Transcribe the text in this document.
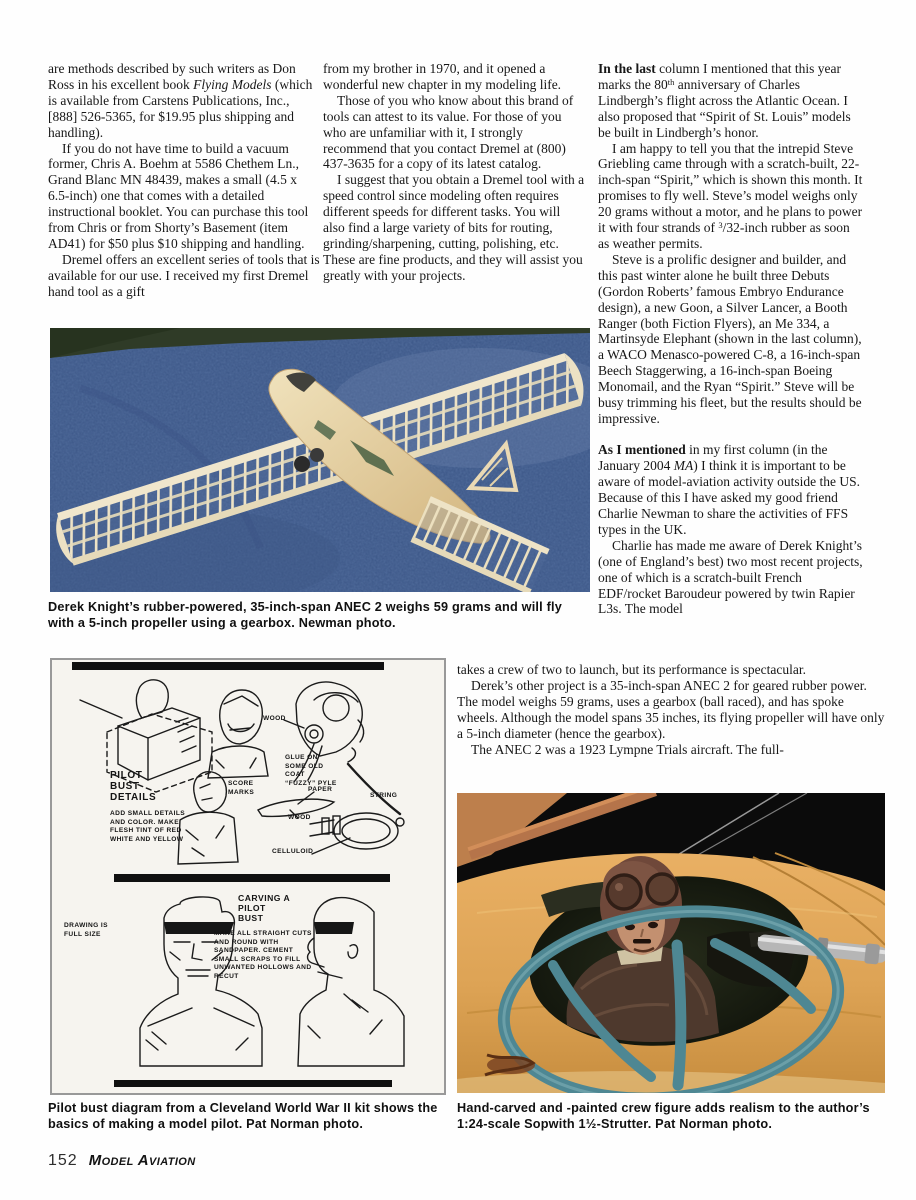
are methods described by such writers as Don Ross in his excellent book Flying Models (which is available from Carstens Publications, Inc., [888] 526-5365, for $19.95 plus shipping and handling).

If you do not have time to build a vacuum former, Chris A. Boehm at 5586 Chethem Ln., Grand Blanc MN 48439, makes a small (4.5 x 6.5-inch) one that comes with a detailed instructional booklet. You can purchase this tool from Chris or from Shorty’s Basement (item AD41) for $50 plus $10 shipping and handling.

Dremel offers an excellent series of tools that is available for our use. I received my first Dremel hand tool as a gift

from my brother in 1970, and it opened a wonderful new chapter in my modeling life.

Those of you who know about this brand of tools can attest to its value. For those of you who are unfamiliar with it, I strongly recommend that you contact Dremel at (800) 437-3635 for a copy of its latest catalog.

I suggest that you obtain a Dremel tool with a speed control since modeling often requires different speeds for different tasks. You will also find a large variety of bits for routing, grinding/sharpening, cutting, polishing, etc. These are fine products, and they will assist you greatly with your projects.

In the last column I mentioned that this year marks the 80th anniversary of Charles Lindbergh’s flight across the Atlantic Ocean. I also proposed that “Spirit of St. Louis” models be built in Lindbergh’s honor.

I am happy to tell you that the intrepid Steve Griebling came through with a scratch-built, 22-inch-span “Spirit,” which is shown this month. It promises to fly well. Steve’s model weighs only 20 grams without a motor, and he plans to power it with four strands of $^3$/32-inch rubber as soon as weather permits.

Steve is a prolific designer and builder, and this past winter alone he built three Debuts (Gordon Roberts’ famous Embryo Endurance design), a new Goon, a Silver Lancer, a Booth Ranger (both Fiction Flyers), an Me 334, a Martinsyde Elephant (shown in the last column), a WACO Menasco-powered C-8, a 16-inch-span Beech Staggerwing, a 16-inch-span Boeing Monomail, and the Ryan “Spirit.” Steve will be busy trimming his fleet, but the results should be impressive.

As I mentioned in my first column (in the January 2004 MA) I think it is important to be aware of model-aviation activity outside the US. Because of this I have asked my good friend Charlie Newman to share the activities of FFS types in the UK.

Charlie has made me aware of Derek Knight’s (one of England’s best) two most recent projects, one of which is a scratch-built French EDF/rocket Baroudeur powered by twin Rapier L3s. The model

takes a crew of two to launch, but its performance is spectacular.

Derek’s other project is a 35-inch-span ANEC 2 for geared rubber power. The model weighs 59 grams, uses a gearbox (ball raced), and has spoke wheels. Although the model spans 35 inches, its flying propeller will have only a 5-inch diameter (hence the gearbox).

The ANEC 2 was a 1923 Lympne Trials aircraft. The full-

Derek Knight’s rubber-powered, 35-inch-span ANEC 2 weighs 59 grams and will fly with a 5-inch propeller using a gearbox. Newman photo.
PILOT BUST DETAILS
ADD SMALL DETAILS AND COLOR. MAKE FLESH TINT OF RED WHITE AND YELLOW
WOOD
GLUE ON SOME OLD COAT “FUZZY” PYLE
SCORE MARKS	PAPER
STRING
WOOD
CELLULOID
DRAWING IS FULL SIZE
CARVING A PILOT BUST
MAKE ALL STRAIGHT CUTS AND ROUND WITH SANDPAPER. CEMENT SMALL SCRAPS TO FILL UNWANTED HOLLOWS AND RECUT
Pilot bust diagram from a Cleveland World War II kit shows the basics of making a model pilot. Pat Norman photo.
Hand-carved and -painted crew figure adds realism to the author’s 1:24-scale Sopwith 1½-Strutter. Pat Norman photo.
152 Model Aviation
